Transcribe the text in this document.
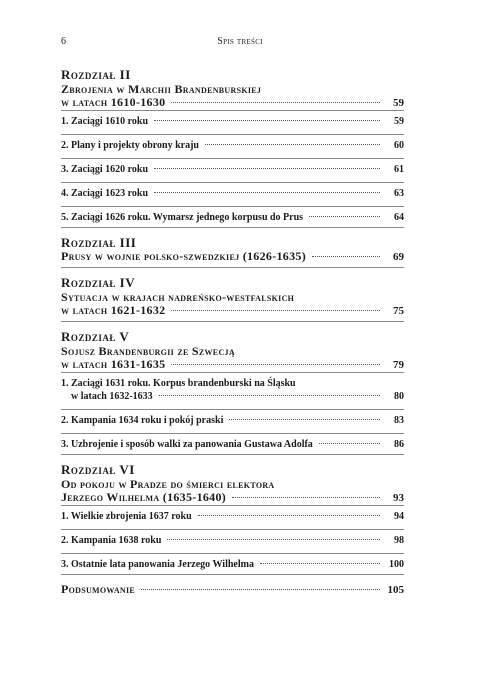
6	Spis treści
Rozdział II
Zbrojenia w Marchii Brandenburskiej
w latach 1610-1630	59
1. Zaciągi 1610 roku	59
2. Plany i projekty obrony kraju	60
3. Zaciągi 1620 roku	61
4. Zaciągi 1623 roku	63
5. Zaciągi 1626 roku. Wymarsz jednego korpusu do Prus	64
Rozdział III
Prusy w wojnie polsko-szwedzkiej (1626-1635)	69
Rozdział IV
Sytuacja w krajach nadreńsko-westfalskich
w latach 1621-1632	75
Rozdział V
Sojusz Brandenburgii ze Szwecją
w latach 1631-1635	79
1. Zaciągi 1631 roku. Korpus brandenburski na Śląsku
w latach 1632-1633	80
2. Kampania 1634 roku i pokój praski	83
3. Uzbrojenie i sposób walki za panowania Gustawa Adolfa	86
Rozdział VI
Od pokoju w Pradze do śmierci elektora
Jerzego Wilhelma (1635-1640)	93
1. Wielkie zbrojenia 1637 roku	94
2. Kampania 1638 roku	98
3. Ostatnie lata panowania Jerzego Wilhelma	100
Podsumowanie	105
